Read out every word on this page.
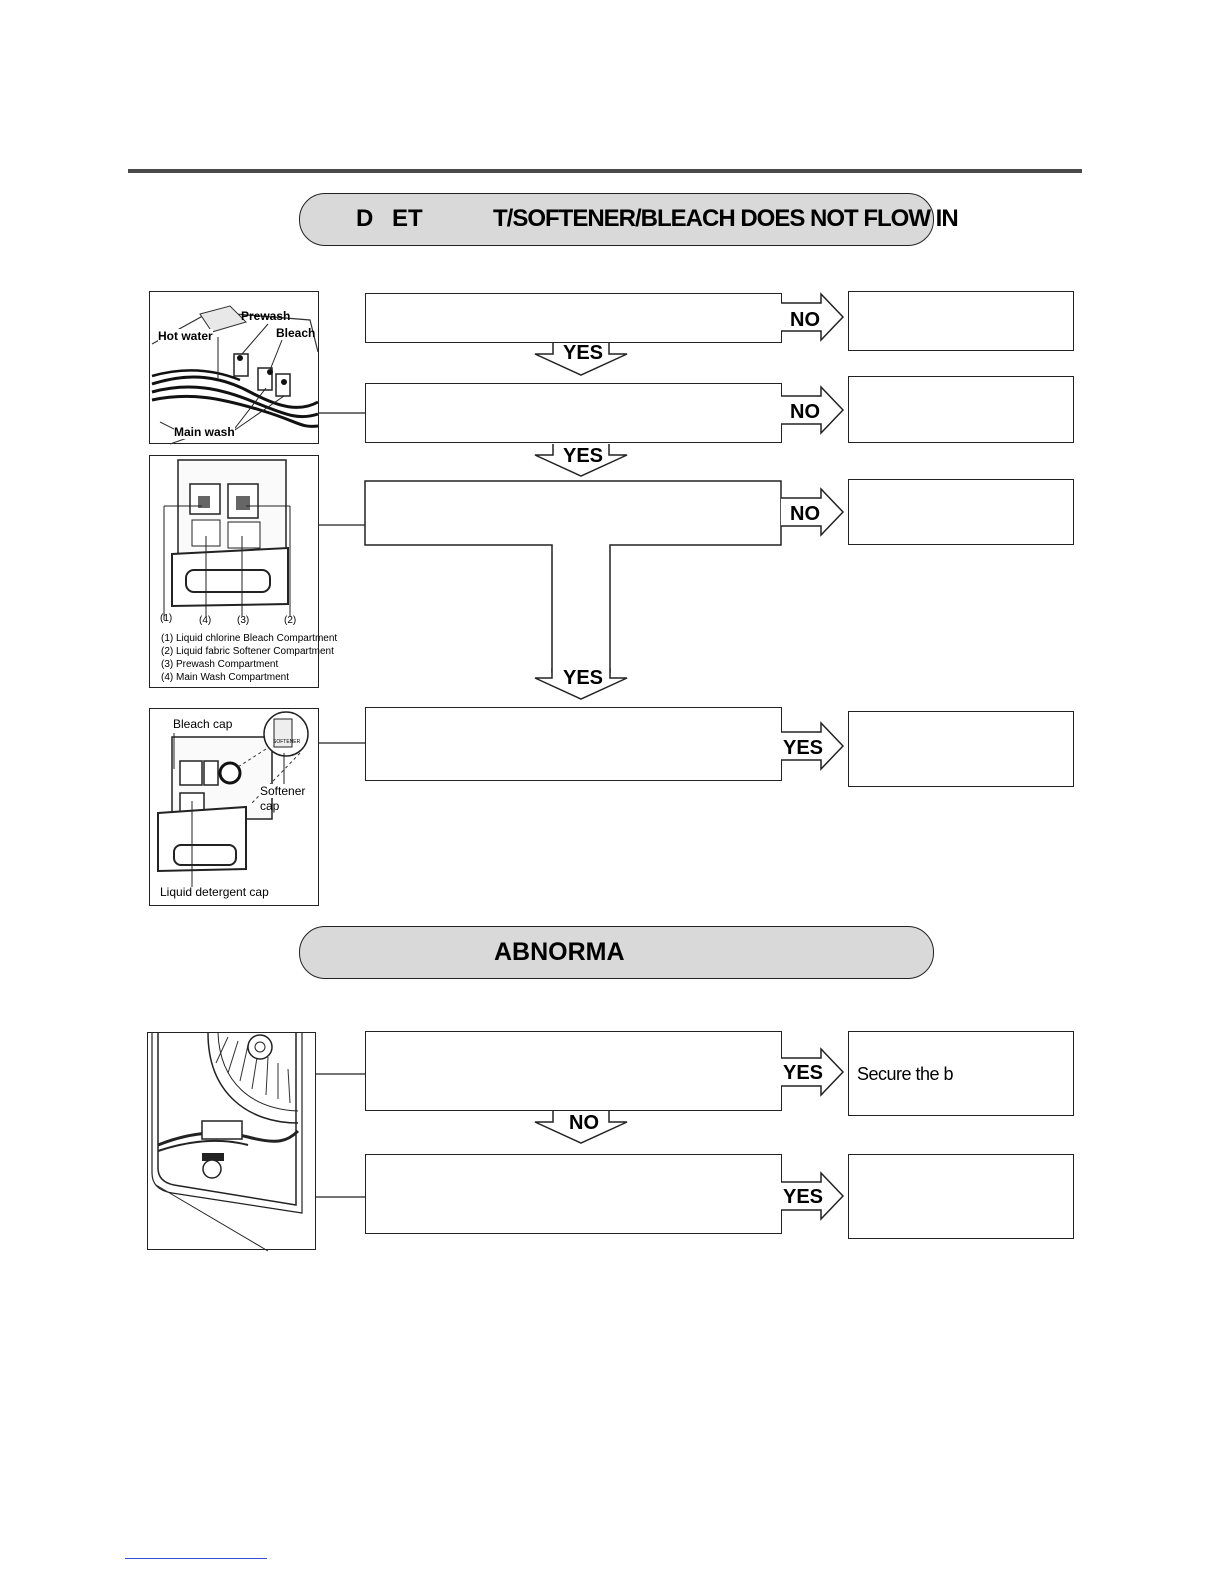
D ET	T/SOFTENER/BLEACH DOES NOT FLOW IN
Prewash
Bleach
Hot water
Main wash
(1)	(4)	(3)	(2)
(1) Liquid chlorine Bleach Compartment
(2) Liquid fabric Softener Compartment
(3) Prewash Compartment
(4) Main Wash Compartment
Bleach cap
SOFTENER
Softener
cap
Liquid detergent cap
YES
YES
YES
NO
NO
NO
YES
ABNORMA
NO
YES
YES
Secure the b
